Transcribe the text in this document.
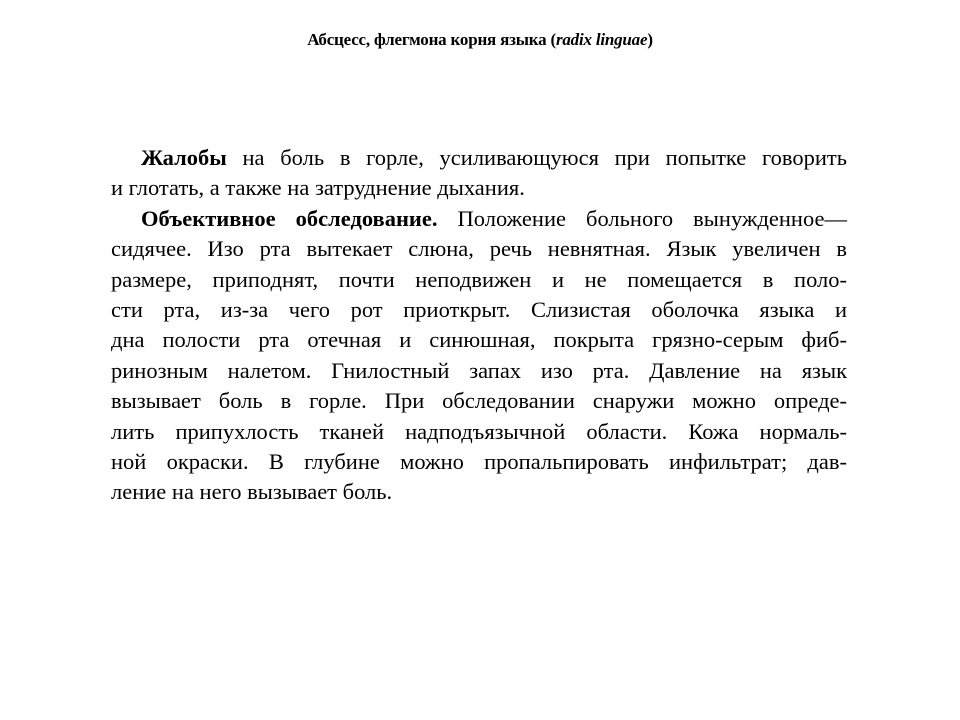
Абсцесс, флегмона корня языка (radix linguae)
Жалобы на боль в горле, усиливающуюся при попытке говорить
и глотать, а также на затруднение дыхания.
Объективное обследование. Положение больного вынужденное—
сидячее. Изо рта вытекает слюна, речь невнятная. Язык увеличен в
размере, приподнят, почти неподвижен и не помещается в поло-
сти рта, из-за чего рот приоткрыт. Слизистая оболочка языка и
дна полости рта отечная и синюшная, покрыта грязно-серым фиб-
ринозным налетом. Гнилостный запах изо рта. Давление на язык
вызывает боль в горле. При обследовании снаружи можно опреде-
лить припухлость тканей надподъязычной области. Кожа нормаль-
ной окраски. В глубине можно пропальпировать инфильтрат; дав-
ление на него вызывает боль.
